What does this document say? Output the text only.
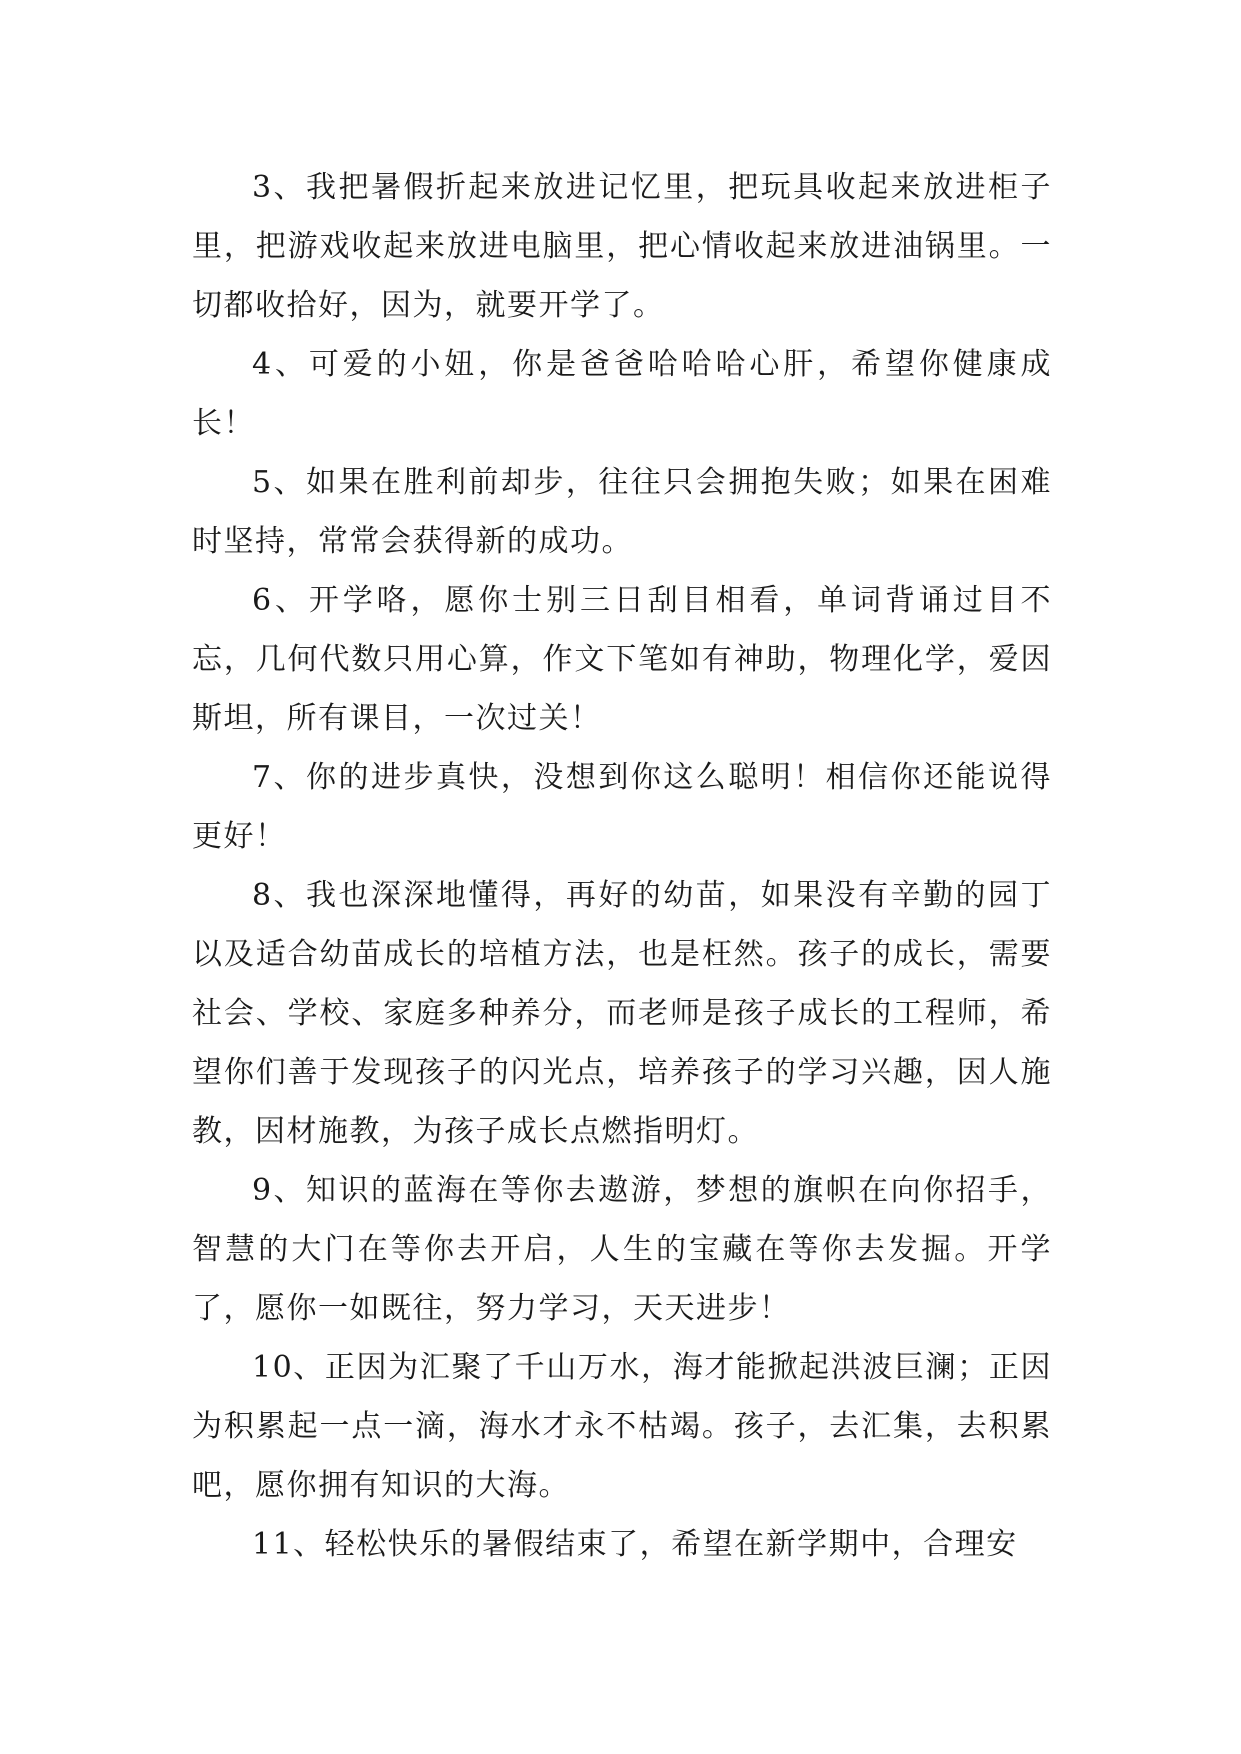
3、我把暑假折起来放进记忆里，把玩具收起来放进柜子里，把游戏收起来放进电脑里，把心情收起来放进油锅里。一切都收拾好，因为，就要开学了。

4、可爱的小妞，你是爸爸哈哈哈心肝，希望你健康成长！

5、如果在胜利前却步，往往只会拥抱失败；如果在困难时坚持，常常会获得新的成功。

6、开学咯，愿你士别三日刮目相看，单词背诵过目不忘，几何代数只用心算，作文下笔如有神助，物理化学，爱因斯坦，所有课目，一次过关！

7、你的进步真快，没想到你这么聪明！相信你还能说得更好！

8、我也深深地懂得，再好的幼苗，如果没有辛勤的园丁以及适合幼苗成长的培植方法，也是枉然。孩子的成长，需要社会、学校、家庭多种养分，而老师是孩子成长的工程师，希望你们善于发现孩子的闪光点，培养孩子的学习兴趣，因人施教，因材施教，为孩子成长点燃指明灯。

9、知识的蓝海在等你去遨游，梦想的旗帜在向你招手，智慧的大门在等你去开启，人生的宝藏在等你去发掘。开学了，愿你一如既往，努力学习，天天进步！

10、正因为汇聚了千山万水，海才能掀起洪波巨澜；正因为积累起一点一滴，海水才永不枯竭。孩子，去汇集，去积累吧，愿你拥有知识的大海。

11、轻松快乐的暑假结束了，希望在新学期中，合理安
